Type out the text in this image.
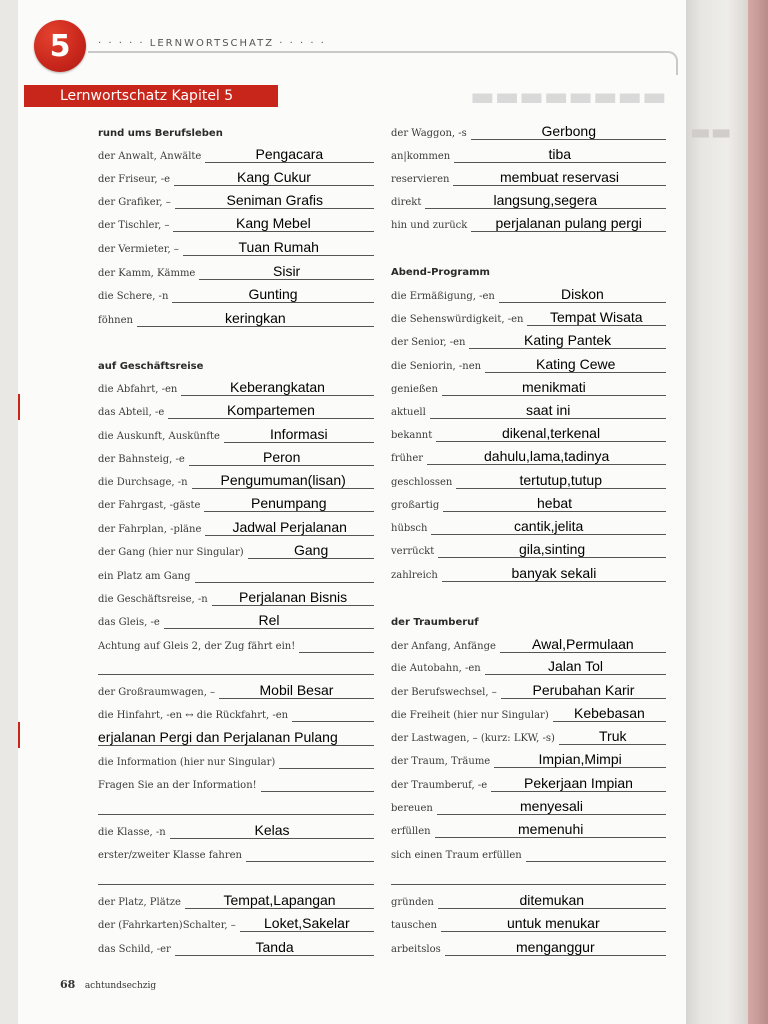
▬▬▬▬▬▬▬▬
▬▬
5	· · · · · LERNWORTSCHATZ · · · · ·
Lernwortschatz Kapitel 5
rund ums Berufsleben
der Anwalt, Anwälte	Pengacara
der Friseur, -e	Kang Cukur
der Grafiker, –	Seniman Grafis
der Tischler, –	Kang Mebel
der Vermieter, –	Tuan Rumah
der Kamm, Kämme	Sisir
die Schere, -n	Gunting
föhnen	keringkan
auf Geschäftsreise
die Abfahrt, -en	Keberangkatan
das Abteil, -e	Kompartemen
die Auskunft, Auskünfte	Informasi
der Bahnsteig, -e	Peron
die Durchsage, -n Pengumuman(lisan)
der Fahrgast, -gäste	Penumpang
der Fahrplan, -pläne Jadwal Perjalanan
der Gang (hier nur Singular)	Gang
ein Platz am Gang
die Geschäftsreise, -n Perjalanan Bisnis
das Gleis, -e	Rel
Achtung auf Gleis 2, der Zug fährt ein!
der Großraumwagen, –	Mobil Besar
die Hinfahrt, -en ↔ die Rückfahrt, -en
erjalanan Pergi dan Perjalanan Pulang
die Information (hier nur Singular)
Fragen Sie an der Information!
die Klasse, -n	Kelas
erster/zweiter Klasse fahren
der Platz, Plätze	Tempat,Lapangan
der (Fahrkarten)Schalter, – Loket,Sakelar
das Schild, -er	Tanda
der Waggon, -s	Gerbong
an|kommen	tiba
reservieren	membuat reservasi
direkt	langsung,segera
hin und zurück perjalanan pulang pergi
Abend-Programm
die Ermäßigung, -en	Diskon
die Sehenswürdigkeit, -en Tempat Wisata
der Senior, -en	Kating Pantek
die Seniorin, -nen	Kating Cewe
genießen	menikmati
aktuell	saat ini
bekannt	dikenal,terkenal
früher	dahulu,lama,tadinya
geschlossen	tertutup,tutup
großartig	hebat
hübsch	cantik,jelita
verrückt	gila,sinting
zahlreich	banyak sekali
der Traumberuf
der Anfang, Anfänge	Awal,Permulaan
die Autobahn, -en	Jalan Tol
der Berufswechsel, –	Perubahan Karir
die Freiheit (hier nur Singular) Kebebasan
der Lastwagen, – (kurz: LKW, -s)	Truk
der Traum, Träume	Impian,Mimpi
der Traumberuf, -e	Pekerjaan Impian
bereuen	menyesali
erfüllen	memenuhi
sich einen Traum erfüllen
gründen	ditemukan
tauschen	untuk menukar
arbeitslos	menganggur
68 achtundsechzig
